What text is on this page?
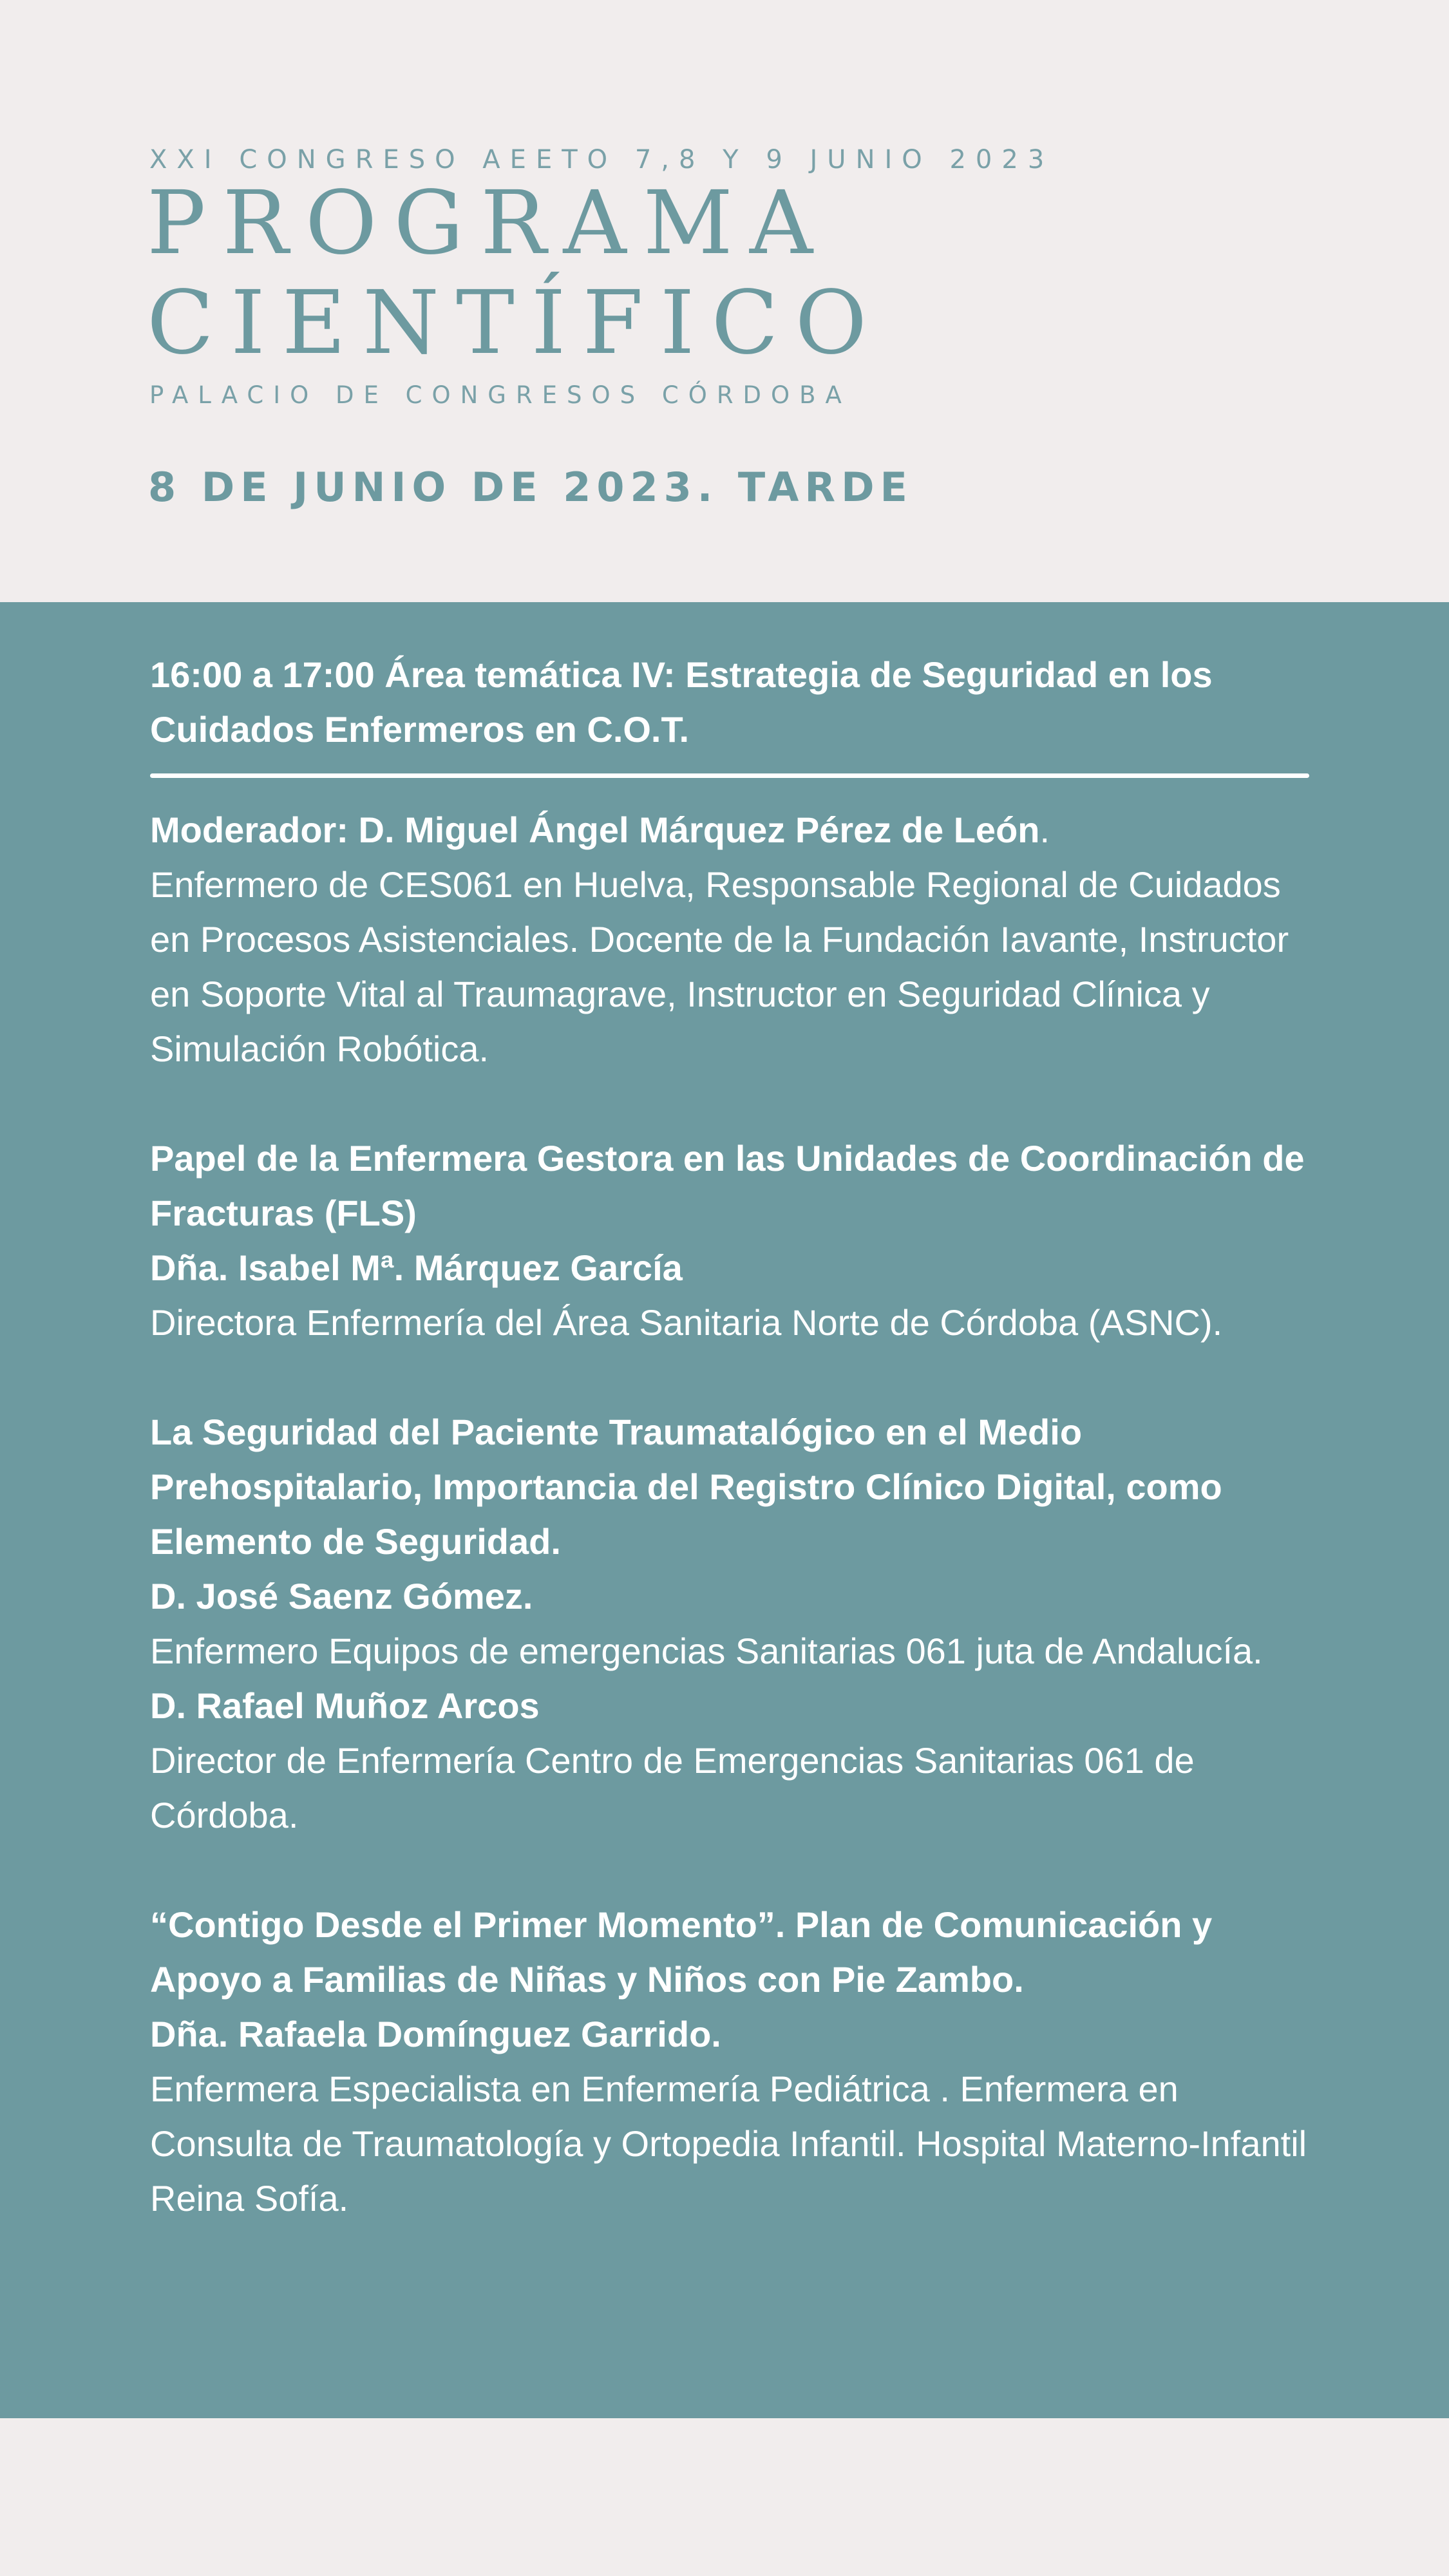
XXI CONGRESO AEETO 7,8 Y 9 JUNIO 2023

PROGRAMA
CIENTÍFICO

PALACIO DE CONGRESOS CÓRDOBA

8 DE JUNIO DE 2023. TARDE

16:00 a 17:00 Área temática IV: Estrategia de Seguridad en los Cuidados Enfermeros en C.O.T.

Moderador: D. Miguel Ángel Márquez Pérez de León.

Enfermero de CES061 en Huelva, Responsable Regional de Cuidados en Procesos Asistenciales. Docente de la Fundación Iavante, Instructor en Soporte Vital al Traumagrave, Instructor en Seguridad Clínica y Simulación Robótica.

Papel de la Enfermera Gestora en las Unidades de Coordinación de Fracturas (FLS)

Dña. Isabel Mª. Márquez García

Directora Enfermería del Área Sanitaria Norte de Córdoba (ASNC).

La Seguridad del Paciente Traumatalógico en el Medio Prehospitalario, Importancia del Registro Clínico Digital, como Elemento de Seguridad.

D. José Saenz Gómez.

Enfermero Equipos de emergencias Sanitarias 061 juta de Andalucía.

D. Rafael Muñoz Arcos

Director de Enfermería Centro de Emergencias Sanitarias 061 de Córdoba.

“Contigo Desde el Primer Momento”. Plan de Comunicación y Apoyo a Familias de Niñas y Niños con Pie Zambo.

Dña. Rafaela Domínguez Garrido.

Enfermera Especialista en Enfermería Pediátrica . Enfermera en Consulta de Traumatología y Ortopedia Infantil. Hospital Materno-Infantil Reina Sofía.
